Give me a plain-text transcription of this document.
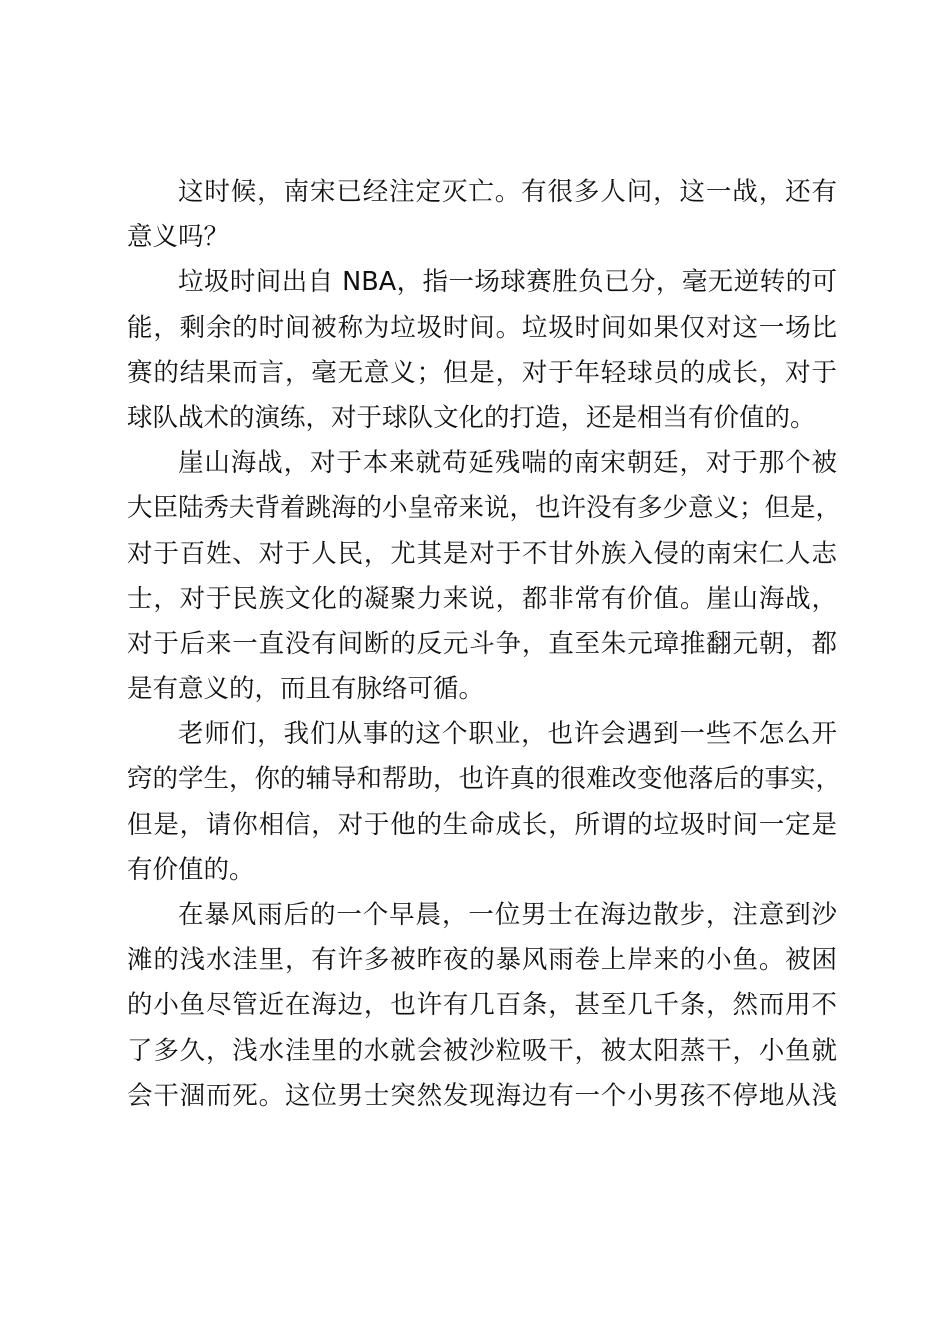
这时候，南宋已经注定灭亡。有很多人问，这一战，还有
意义吗？
垃圾时间出自 NBA，指一场球赛胜负已分，毫无逆转的可
能，剩余的时间被称为垃圾时间。垃圾时间如果仅对这一场比
赛的结果而言，毫无意义；但是，对于年轻球员的成长，对于
球队战术的演练，对于球队文化的打造，还是相当有价值的。
崖山海战，对于本来就苟延残喘的南宋朝廷，对于那个被
大臣陆秀夫背着跳海的小皇帝来说，也许没有多少意义；但是，
对于百姓、对于人民，尤其是对于不甘外族入侵的南宋仁人志
士，对于民族文化的凝聚力来说，都非常有价值。崖山海战，
对于后来一直没有间断的反元斗争，直至朱元璋推翻元朝，都
是有意义的，而且有脉络可循。
老师们，我们从事的这个职业，也许会遇到一些不怎么开
窍的学生，你的辅导和帮助，也许真的很难改变他落后的事实，
但是，请你相信，对于他的生命成长，所谓的垃圾时间一定是
有价值的。
在暴风雨后的一个早晨，一位男士在海边散步，注意到沙
滩的浅水洼里，有许多被昨夜的暴风雨卷上岸来的小鱼。被困
的小鱼尽管近在海边，也许有几百条，甚至几千条，然而用不
了多久，浅水洼里的水就会被沙粒吸干，被太阳蒸干，小鱼就
会干涸而死。这位男士突然发现海边有一个小男孩不停地从浅
